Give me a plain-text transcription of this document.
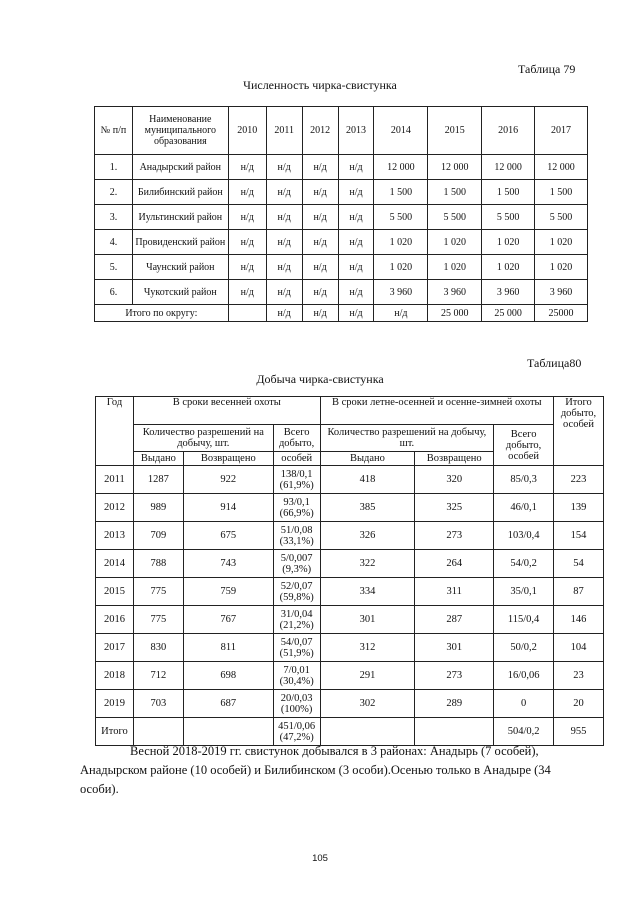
Таблица 79
Численность чирка-свистунка
№ п/п	Наименование муниципального образования	2010	2011	2012	2013	2014	2015	2016	2017
1.	Анадырский район	н/д	н/д	н/д	н/д	12 000	12 000	12 000	12 000
2.	Билибинский район	н/д	н/д	н/д	н/д	1 500	1 500	1 500	1 500
3.	Иультинский район	н/д	н/д	н/д	н/д	5 500	5 500	5 500	5 500
4.	Провиденский район	н/д	н/д	н/д	н/д	1 020	1 020	1 020	1 020
5.	Чаунский район	н/д	н/д	н/д	н/д	1 020	1 020	1 020	1 020
6.	Чукотский район	н/д	н/д	н/д	н/д	3 960	3 960	3 960	3 960
Итого по округу:			н/д	н/д	н/д	н/д	25 000	25 000	25000
Таблица80
Добыча чирка-свистунка
Год	В сроки весенней охоты			В сроки летне-осенней и осенне-зимней охоты			Итого добыто, особей
	Количество разрешений на добычу, шт.		Всего добыто,	Количество разрешений на добычу, шт.		Всего добыто, особей	
	Выдано	Возвращено	особей	Выдано	Возвращено		
2011	1287	922	138/0,1 (61,9%)	418	320	85/0,3	223
2012	989	914	93/0,1 (66,9%)	385	325	46/0,1	139
2013	709	675	51/0,08 (33,1%)	326	273	103/0,4	154
2014	788	743	5/0,007 (9,3%)	322	264	54/0,2	54
2015	775	759	52/0,07 (59,8%)	334	311	35/0,1	87
2016	775	767	31/0,04 (21,2%)	301	287	115/0,4	146
2017	830	811	54/0,07 (51,9%)	312	301	50/0,2	104
2018	712	698	7/0,01 (30,4%)	291	273	16/0,06	23
2019	703	687	20/0,03 (100%)	302	289	0	20
Итого			451/0,06 (47,2%)			504/0,2	955
Весной 2018-2019 гг. свистунок добывался в 3 районах: Анадырь (7 особей), Анадырском районе (10 особей) и Билибинском (3 особи).Осенью только в Анадыре (34 особи).
105
